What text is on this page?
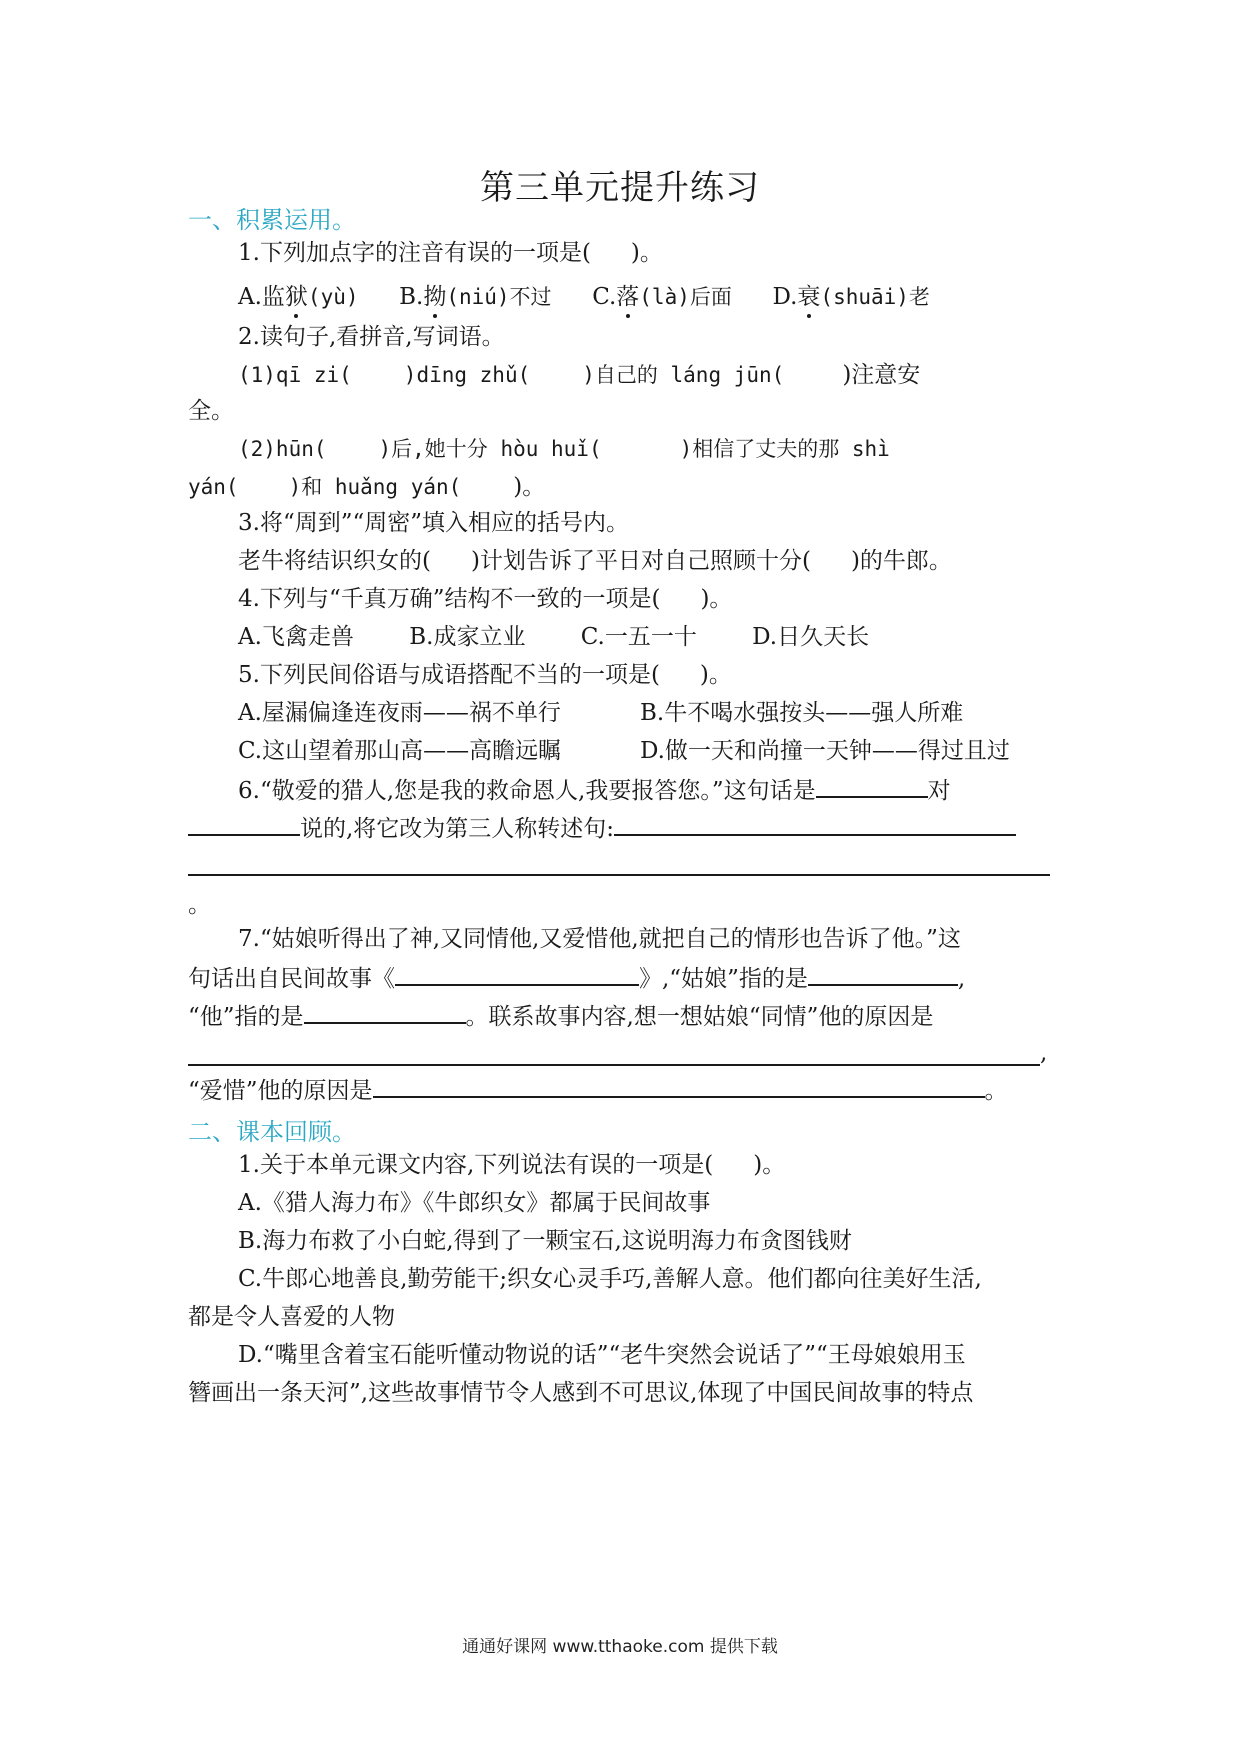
第三单元提升练习
一、积累运用。
1.下列加点字的注音有误的一项是( )。
A.监狱(yù) B.拗(niú)不过 C.落(là)后面 D.衰(shuāi)老
2.读句子,看拼音,写词语。
(1)qī zi( )dīng zhǔ( )自己的 láng jūn(	)注意安
全。
(2)hūn( )后,她十分 hòu huǐ(	)相信了丈夫的那 shì
yán( )和 huǎng yán( )。
3.将“周到”“周密”填入相应的括号内。
老牛将结识织女的( )计划告诉了平日对自己照顾十分( )的牛郎。
4.下列与“千真万确”结构不一致的一项是( )。
A.飞禽走兽 B.成家立业 C.一五一十 D.日久天长
5.下列民间俗语与成语搭配不当的一项是( )。
A.屋漏偏逢连夜雨——祸不单行	B.牛不喝水强按头——强人所难
C.这山望着那山高——高瞻远瞩	D.做一天和尚撞一天钟——得过且过
6.“敬爱的猎人,您是我的救命恩人,我要报答您。”这句话是	对
说的,将它改为第三人称转述句:
。
7.“姑娘听得出了神,又同情他,又爱惜他,就把自己的情形也告诉了他。”这
句话出自民间故事《	》,“姑娘”指的是	,
“他”指的是	。联系故事内容,想一想姑娘“同情”他的原因是
,
“爱惜”他的原因是	。
二、课本回顾。
1.关于本单元课文内容,下列说法有误的一项是( )。
A.《猎人海力布》《牛郎织女》都属于民间故事
B.海力布救了小白蛇,得到了一颗宝石,这说明海力布贪图钱财
C.牛郎心地善良,勤劳能干;织女心灵手巧,善解人意。他们都向往美好生活,
都是令人喜爱的人物
D.“嘴里含着宝石能听懂动物说的话”“老牛突然会说话了”“王母娘娘用玉
簪画出一条天河”,这些故事情节令人感到不可思议,体现了中国民间故事的特点
通通好课网 www.tthaoke.com 提供下载
